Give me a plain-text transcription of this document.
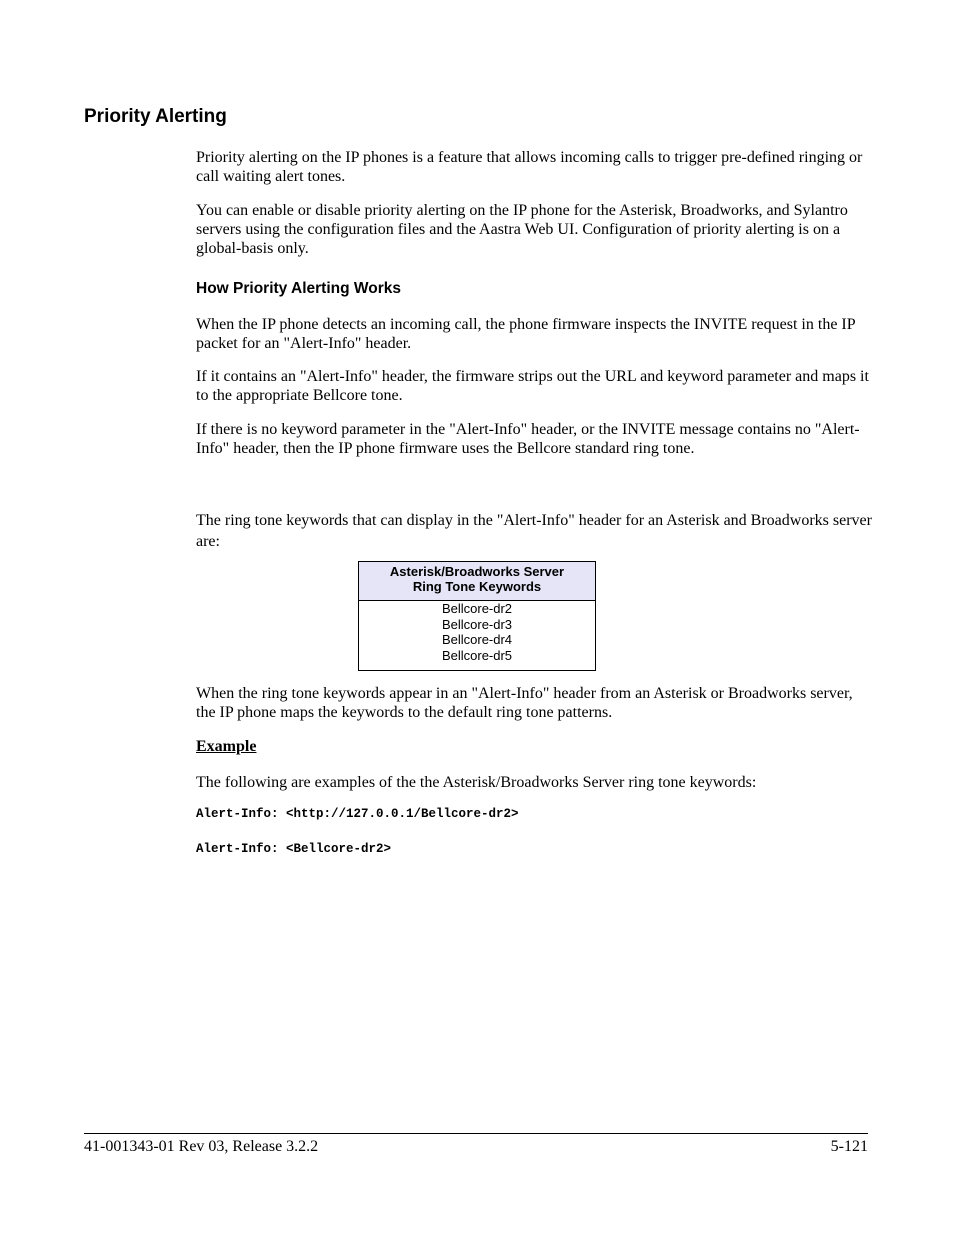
Priority Alerting

Priority alerting on the IP phones is a feature that allows incoming calls to trigger pre-defined ringing or call waiting alert tones.

You can enable or disable priority alerting on the IP phone for the Asterisk, Broadworks, and Sylantro servers using the configuration files and the Aastra Web UI. Configuration of priority alerting is on a global-basis only.

How Priority Alerting Works

When the IP phone detects an incoming call, the phone firmware inspects the INVITE request in the IP packet for an "Alert-Info" header.

If it contains an "Alert-Info" header, the firmware strips out the URL and keyword parameter and maps it to the appropriate Bellcore tone.

If there is no keyword parameter in the "Alert-Info" header, or the INVITE message contains no "Alert-Info" header, then the IP phone firmware uses the Bellcore standard ring tone.

The ring tone keywords that can display in the "Alert-Info" header for an Asterisk and Broadworks server are:

Asterisk/Broadworks Server
Ring Tone Keywords

Bellcore-dr2
Bellcore-dr3
Bellcore-dr4
Bellcore-dr5

When the ring tone keywords appear in an "Alert-Info" header from an Asterisk or Broadworks server, the IP phone maps the keywords to the default ring tone patterns.

Example

The following are examples of the the Asterisk/Broadworks Server ring tone keywords:

Alert-Info: <http://127.0.0.1/Bellcore-dr2>
Alert-Info: <Bellcore-dr2>
41-001343-01 Rev 03, Release 3.2.2	5-121
